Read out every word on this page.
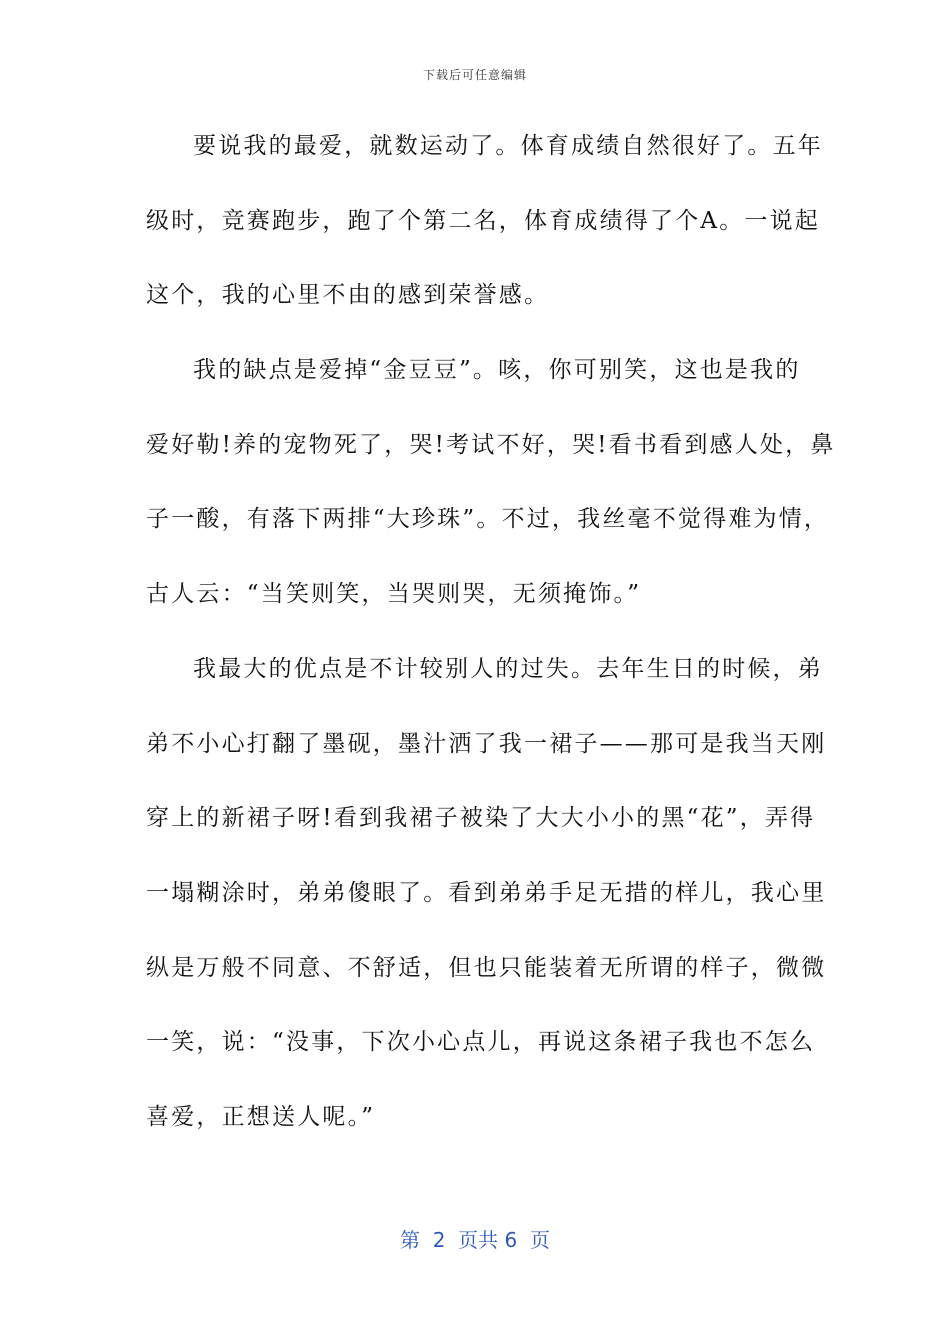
下载后可任意编辑
要说我的最爱，就数运动了。体育成绩自然很好了。五年
级时，竞赛跑步，跑了个第二名，体育成绩得了个A。一说起
这个，我的心里不由的感到荣誉感。
我的缺点是爱掉“金豆豆”。咳，你可别笑，这也是我的
爱好勒!养的宠物死了，哭!考试不好，哭!看书看到感人处，鼻
子一酸，有落下两排“大珍珠”。不过，我丝毫不觉得难为情，
古人云：“当笑则笑，当哭则哭，无须掩饰。”
我最大的优点是不计较别人的过失。去年生日的时候，弟
弟不小心打翻了墨砚，墨汁洒了我一裙子——那可是我当天刚
穿上的新裙子呀!看到我裙子被染了大大小小的黑“花”，弄得
一塌糊涂时，弟弟傻眼了。看到弟弟手足无措的样儿，我心里
纵是万般不同意、不舒适，但也只能装着无所谓的样子，微微
一笑，说：“没事，下次小心点儿，再说这条裙子我也不怎么
喜爱，正想送人呢。”
第  2  页共 6  页
